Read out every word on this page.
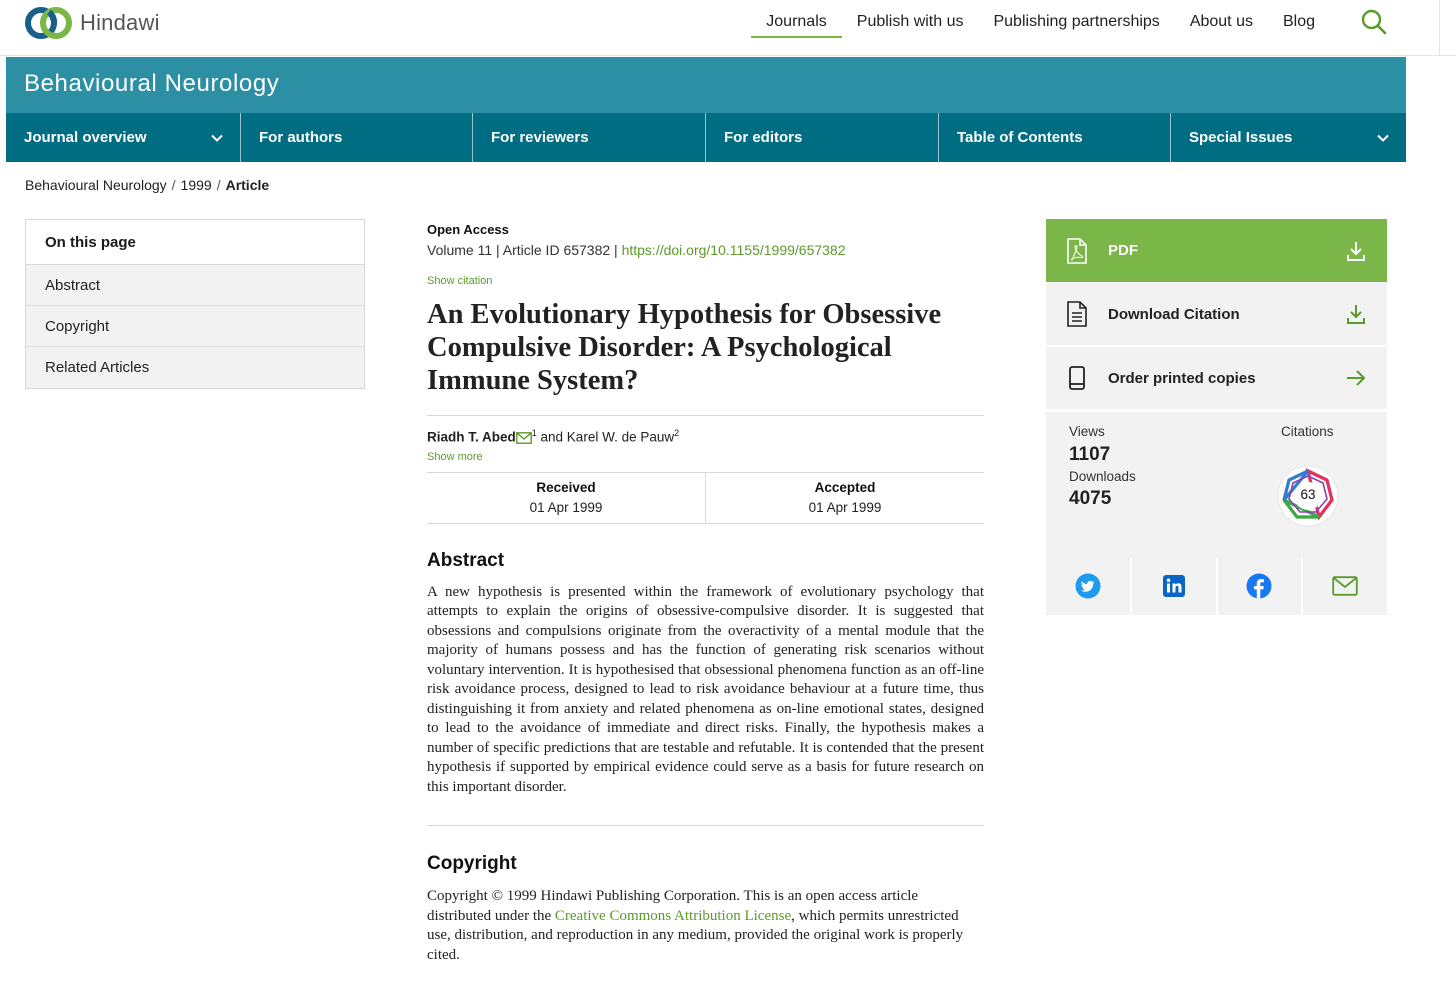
Hindawi	Journals	Publish with us	Publishing partnerships	About us	Blog
Behavioural Neurology
Journal overview	For authors	For reviewers	For editors	Table of Contents	Special Issues
Behavioural Neurology / 1999 / Article
On this page
Abstract
Copyright
Related Articles
Open Access
Volume 11 | Article ID 657382 | https://doi.org/10.1155/1999/657382
Show citation
An Evolutionary Hypothesis for Obsessive Compulsive Disorder: A Psychological Immune System?
Riadh T. Abed $^1$ and Karel W. de Pauw$^2$
Show more
Received
01 Apr 1999
Accepted
01 Apr 1999
Abstract

A new hypothesis is presented within the framework of evolutionary psychology that attempts to explain the origins of obsessive-compulsive disorder. It is suggested that obsessions and compulsions originate from the overactivity of a mental module that the majority of humans possess and has the function of generating risk scenarios without voluntary intervention. It is hypothesised that obsessional phenomena function as an off-line risk avoidance process, designed to lead to risk avoidance behaviour at a future time, thus distinguishing it from anxiety and related phenomena as on-line emotional states, designed to lead to the avoidance of immediate and direct risks. Finally, the hypothesis makes a number of specific predictions that are testable and refutable. It is contended that the present hypothesis if supported by empirical evidence could serve as a basis for future research on this important disorder.

Copyright

Copyright © 1999 Hindawi Publishing Corporation. This is an open access article distributed under the Creative Commons Attribution License, which permits unrestricted use, distribution, and reproduction in any medium, provided the original work is properly cited.

PDF
Download Citation
Order printed copies
Views
1107
Downloads
4075
Citations
63
